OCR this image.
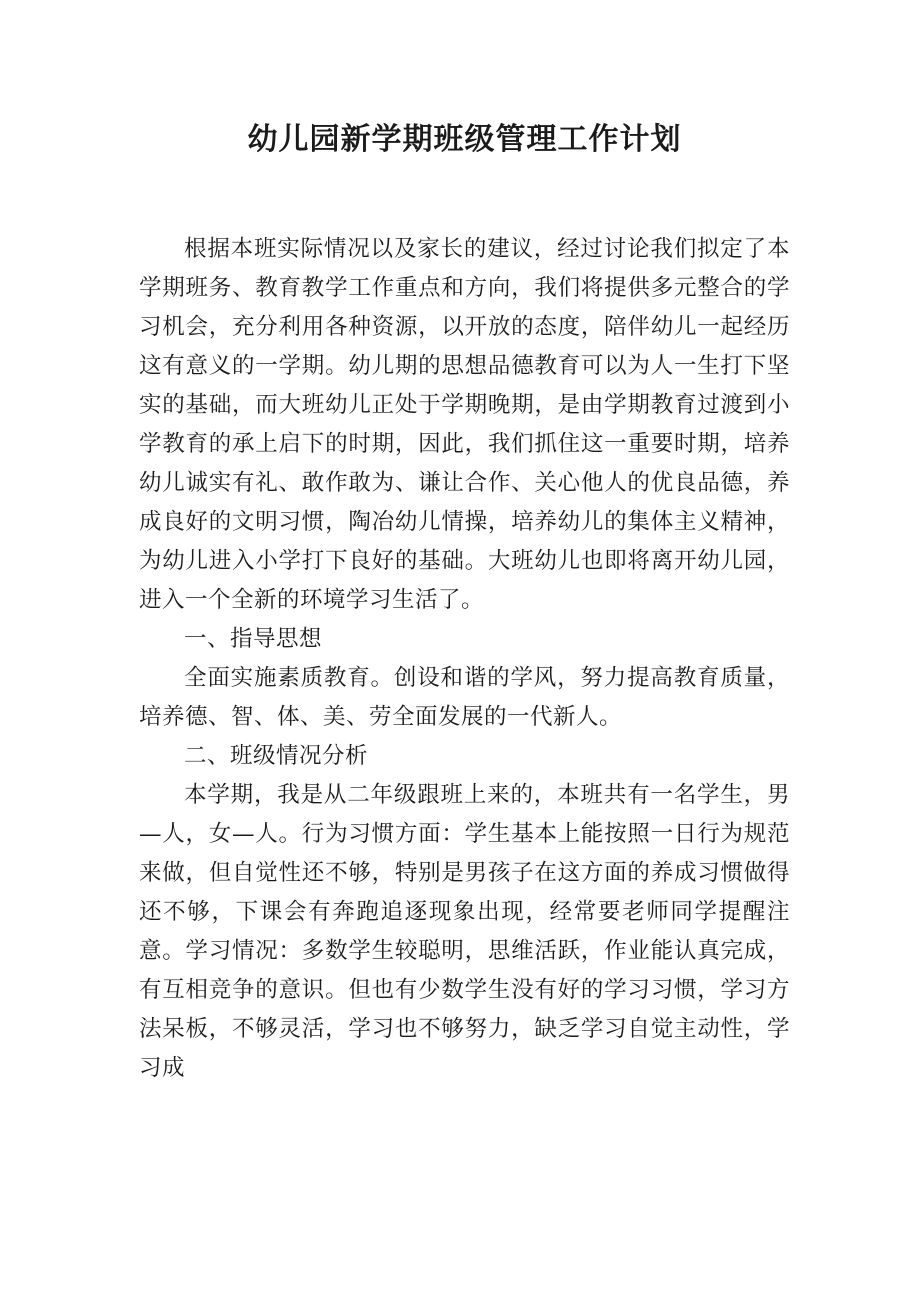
幼儿园新学期班级管理工作计划

根据本班实际情况以及家长的建议，经过讨论我们拟定了本学期班务、教育教学工作重点和方向，我们将提供多元整合的学习机会，充分利用各种资源，以开放的态度，陪伴幼儿一起经历这有意义的一学期。幼儿期的思想品德教育可以为人一生打下坚实的基础，而大班幼儿正处于学期晚期，是由学期教育过渡到小学教育的承上启下的时期，因此，我们抓住这一重要时期，培养幼儿诚实有礼、敢作敢为、谦让合作、关心他人的优良品德，养成良好的文明习惯，陶冶幼儿情操，培养幼儿的集体主义精神，为幼儿进入小学打下良好的基础。大班幼儿也即将离开幼儿园，进入一个全新的环境学习生活了。

一、指导思想

全面实施素质教育。创设和谐的学风，努力提高教育质量，培养德、智、体、美、劳全面发展的一代新人。

二、班级情况分析

本学期，我是从二年级跟班上来的，本班共有一名学生，男—人，女—人。行为习惯方面：学生基本上能按照一日行为规范来做，但自觉性还不够，特别是男孩子在这方面的养成习惯做得还不够，下课会有奔跑追逐现象出现，经常要老师同学提醒注意。学习情况：多数学生较聪明，思维活跃，作业能认真完成，有互相竞争的意识。但也有少数学生没有好的学习习惯，学习方法呆板，不够灵活，学习也不够努力，缺乏学习自觉主动性，学习成
